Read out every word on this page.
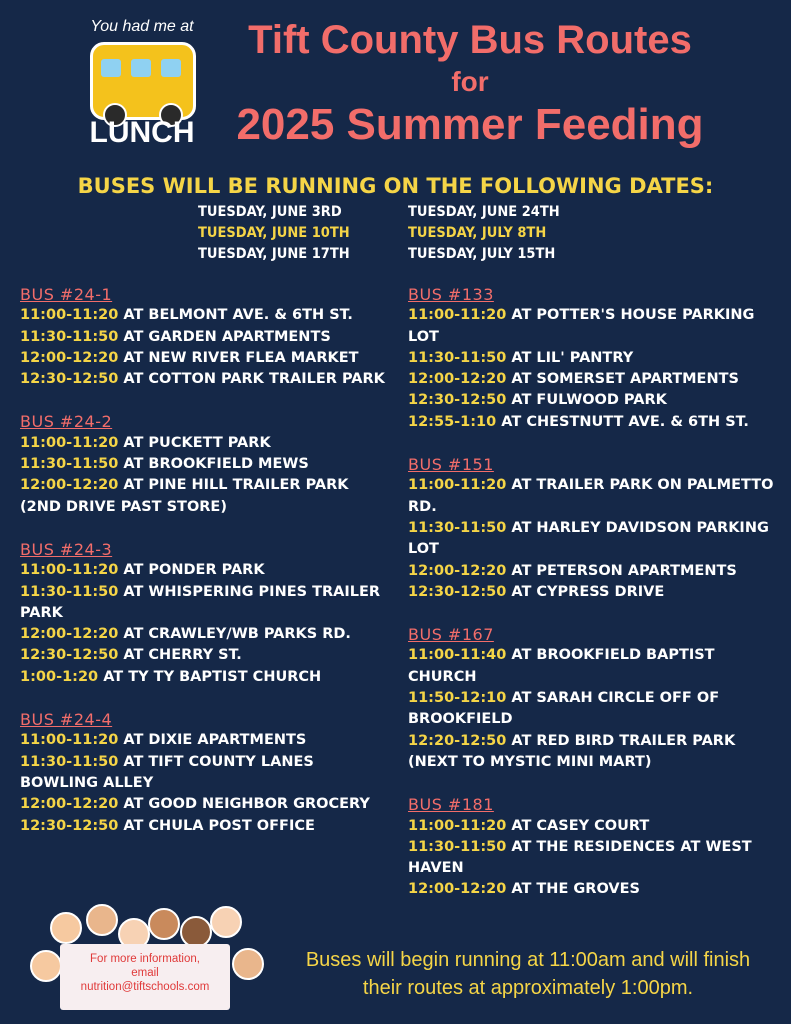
You had me at
LUNCH
Tift County Bus Routes
for
2025 Summer Feeding
BUSES WILL BE RUNNING ON THE FOLLOWING DATES:
TUESDAY, JUNE 3RD	TUESDAY, JUNE 24TH
TUESDAY, JUNE 10TH	TUESDAY, JULY 8TH
TUESDAY, JUNE 17TH	TUESDAY, JULY 15TH
BUS #24-1
11:00-11:20 AT BELMONT AVE. & 6TH ST.
11:30-11:50 AT GARDEN APARTMENTS
12:00-12:20 AT NEW RIVER FLEA MARKET
12:30-12:50 AT COTTON PARK TRAILER PARK
BUS #24-2
11:00-11:20 AT PUCKETT PARK
11:30-11:50 AT BROOKFIELD MEWS
12:00-12:20 AT PINE HILL TRAILER PARK (2ND DRIVE PAST STORE)
BUS #24-3
11:00-11:20 AT PONDER PARK
11:30-11:50 AT WHISPERING PINES TRAILER PARK
12:00-12:20 AT CRAWLEY/WB PARKS RD.
12:30-12:50 AT CHERRY ST.
1:00-1:20 AT TY TY BAPTIST CHURCH
BUS #24-4
11:00-11:20 AT DIXIE APARTMENTS
11:30-11:50 AT TIFT COUNTY LANES BOWLING ALLEY
12:00-12:20 AT GOOD NEIGHBOR GROCERY
12:30-12:50 AT CHULA POST OFFICE
BUS #133
11:00-11:20 AT POTTER'S HOUSE PARKING LOT
11:30-11:50 AT LIL' PANTRY
12:00-12:20 AT SOMERSET APARTMENTS
12:30-12:50 AT FULWOOD PARK
12:55-1:10 AT CHESTNUTT AVE. & 6TH ST.
BUS #151
11:00-11:20 AT TRAILER PARK ON PALMETTO RD.
11:30-11:50 AT HARLEY DAVIDSON PARKING LOT
12:00-12:20 AT PETERSON APARTMENTS
12:30-12:50 AT CYPRESS DRIVE
BUS #167
11:00-11:40 AT BROOKFIELD BAPTIST CHURCH
11:50-12:10 AT SARAH CIRCLE OFF OF BROOKFIELD
12:20-12:50 AT RED BIRD TRAILER PARK (NEXT TO MYSTIC MINI MART)
BUS #181
11:00-11:20 AT CASEY COURT
11:30-11:50 AT THE RESIDENCES AT WEST HAVEN
12:00-12:20 AT THE GROVES
For more information,
email
nutrition@tiftschools.com
Buses will begin running at 11:00am and will finish their routes at approximately 1:00pm.
